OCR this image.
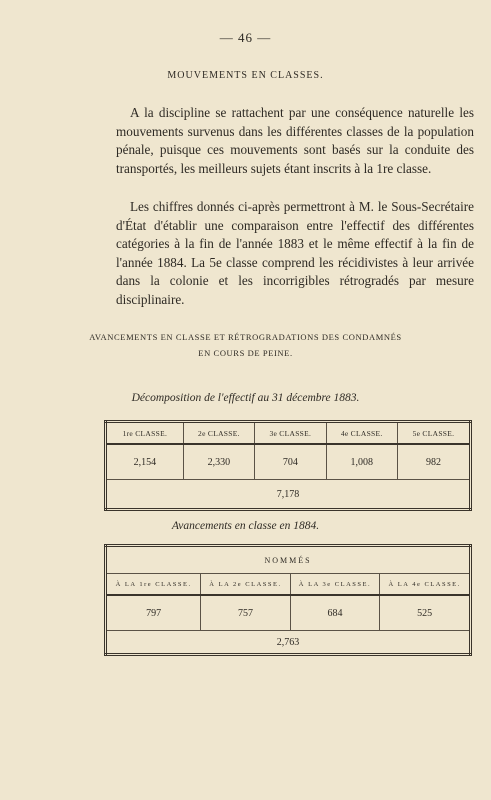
— 46 —
MOUVEMENTS EN CLASSES.

A la discipline se rattachent par une conséquence naturelle les mouvements survenus dans les différentes classes de la population pénale, puisque ces mouvements sont basés sur la conduite des transportés, les meilleurs sujets étant inscrits à la 1re classe.

Les chiffres donnés ci-après permettront à M. le Sous-Secrétaire d'État d'établir une comparaison entre l'effectif des différentes catégories à la fin de l'année 1883 et le même effectif à la fin de l'année 1884. La 5e classe comprend les récidivistes à leur arrivée dans la colonie et les incorrigibles rétrogradés par mesure disciplinaire.

AVANCEMENTS EN CLASSE ET RÉTROGRADATIONS DES CONDAMNÉS
EN COURS DE PEINE.
Décomposition de l'effectif au 31 décembre 1883.
1re CLASSE.	2e CLASSE.	3e CLASSE.	4e CLASSE.	5e CLASSE.
2,154	2,330	704	1,008	982
7,178				
Avancements en classe en 1884.
NOMMÉS			
À LA 1re CLASSE.	À LA 2e CLASSE.	À LA 3e CLASSE.	À LA 4e CLASSE.
797	757	684	525
2,763			
